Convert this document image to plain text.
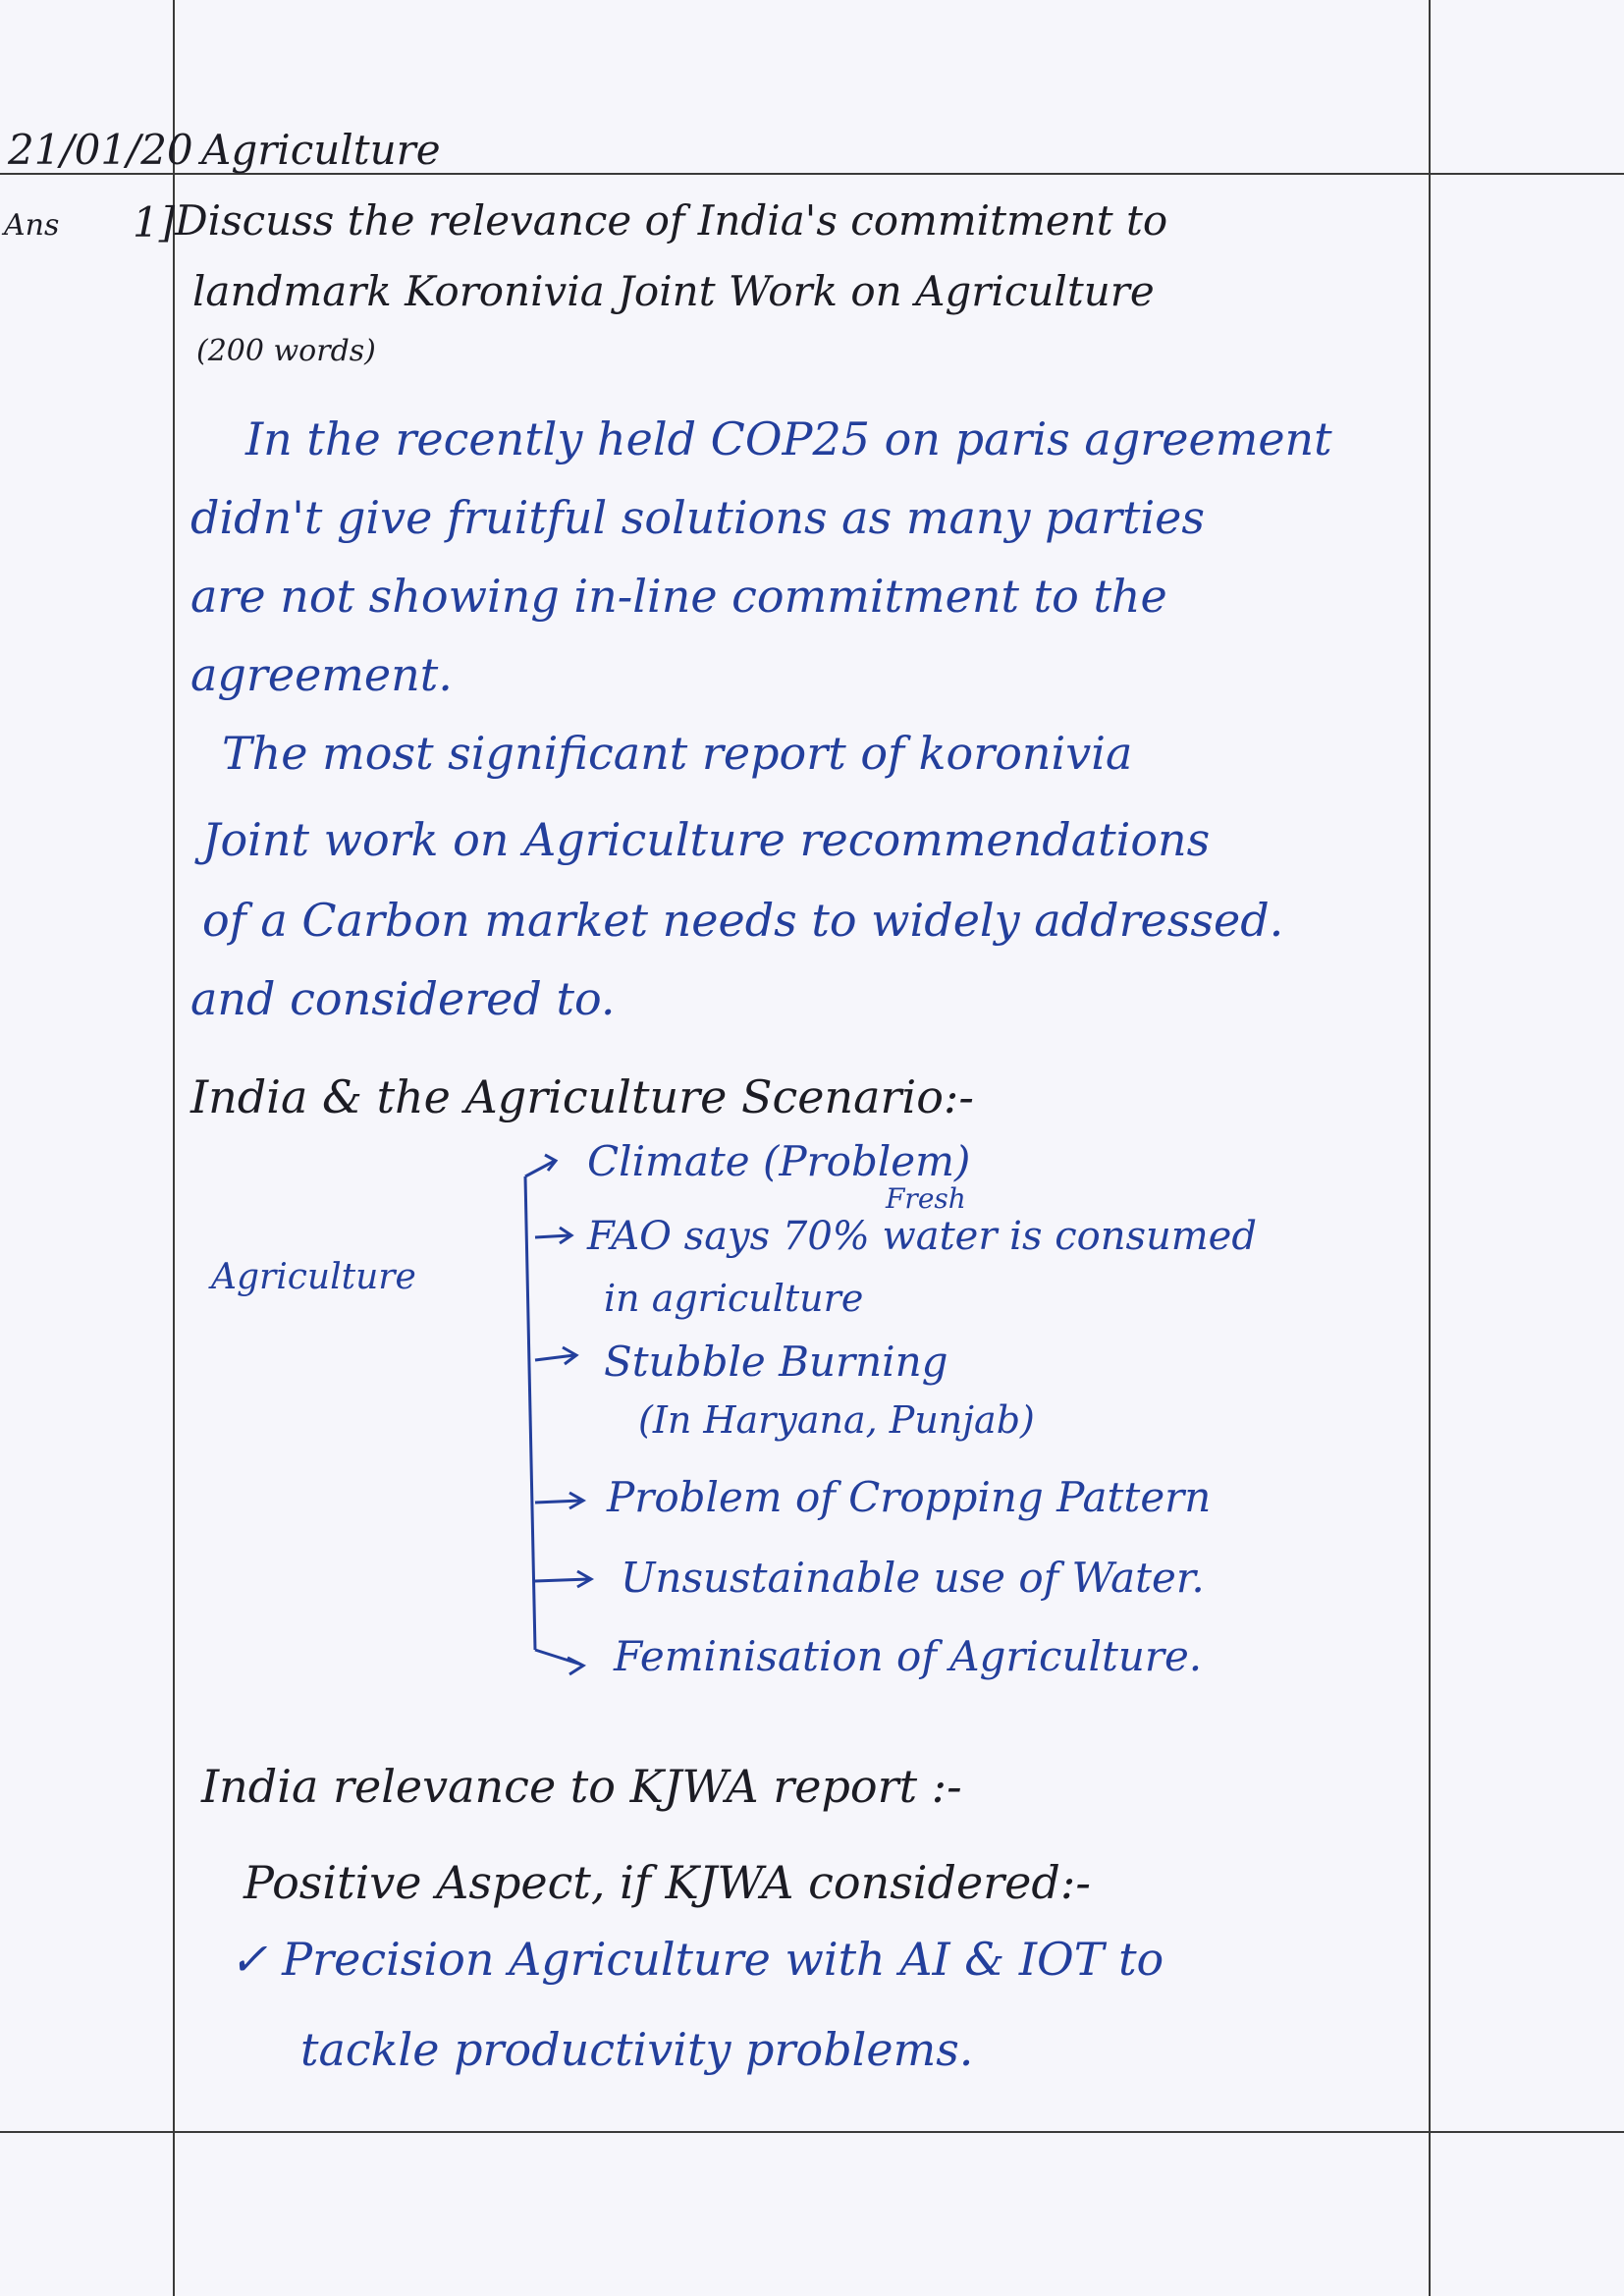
21/01/20 Agriculture
Ans 1] Discuss the relevance of India's commitment to
landmark Koronivia Joint Work on Agriculture
(200 words)
In the recently held COP25 on paris agreement
didn't give fruitful solutions as many parties
are not showing in-line commitment to the
agreement.
The most significant report of koronivia
Joint work on Agriculture recommendations
of a Carbon market needs to widely addressed.
and considered to.
India & the Agriculture Scenario:-
Agriculture
Fresh
Climate (Problem)
FAO says 70% water is consumed
in agriculture
Stubble Burning
(In Haryana, Punjab)
Problem of Cropping Pattern
Unsustainable use of Water.
Feminisation of Agriculture.
India relevance to KJWA report :-
Positive Aspect, if KJWA considered:-
✓ Precision Agriculture with AI & IOT to
tackle productivity problems.
